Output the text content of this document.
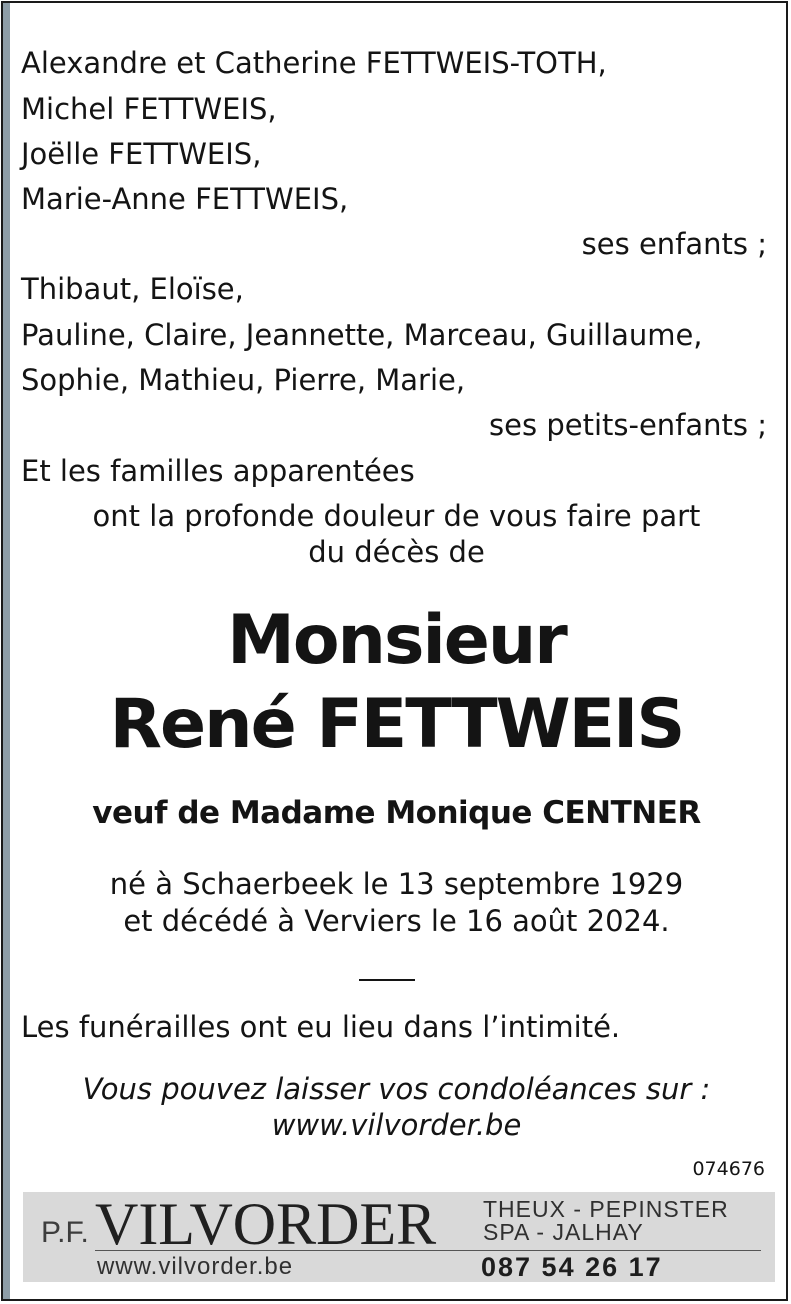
Alexandre et Catherine FETTWEIS-TOTH,
Michel FETTWEIS,
Joëlle FETTWEIS,
Marie-Anne FETTWEIS,
ses enfants ;
Thibaut, Eloïse,
Pauline, Claire, Jeannette, Marceau, Guillaume,
Sophie, Mathieu, Pierre, Marie,
ses petits-enfants ;
Et les familles apparentées
ont la profonde douleur de vous faire part
du décès de
Monsieur
René FETTWEIS
veuf de Madame Monique CENTNER
né à Schaerbeek le 13 septembre 1929
et décédé à Verviers le 16 août 2024.
Les funérailles ont eu lieu dans l’intimité.
Vous pouvez laisser vos condoléances sur :
www.vilvorder.be
074676
P.F. VILVORDER THEUX - PEPINSTER
SPA - JALHAY
www.vilvorder.be	087 54 26 17
